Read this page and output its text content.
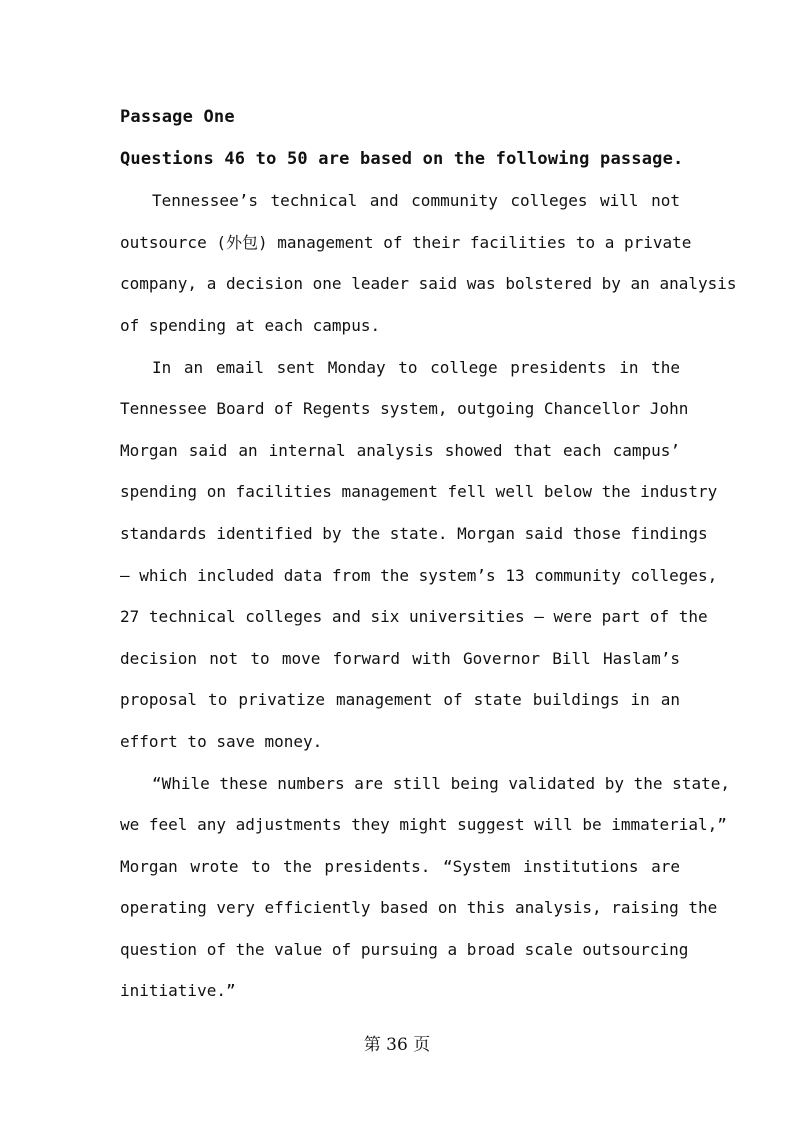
Passage One
Questions 46 to 50 are based on the following passage.

Tennessee’s technical and community colleges will not
outsource (外包) management of their facilities to a private
company, a decision one leader said was bolstered by an analysis
of spending at each campus.

In an email sent Monday to college presidents in the
Tennessee Board of Regents system, outgoing Chancellor John
Morgan said an internal analysis showed that each campus’
spending on facilities management fell well below the industry
standards identified by the state. Morgan said those findings
— which included data from the system’s 13 community colleges,
27 technical colleges and six universities — were part of the
decision not to move forward with Governor Bill Haslam’s
proposal to privatize management of state buildings in an
effort to save money.

“While these numbers are still being validated by the state,
we feel any adjustments they might suggest will be immaterial,”
Morgan wrote to the presidents. “System institutions are
operating very efficiently based on this analysis, raising the
question of the value of pursuing a broad scale outsourcing
initiative.”

第 36 页
